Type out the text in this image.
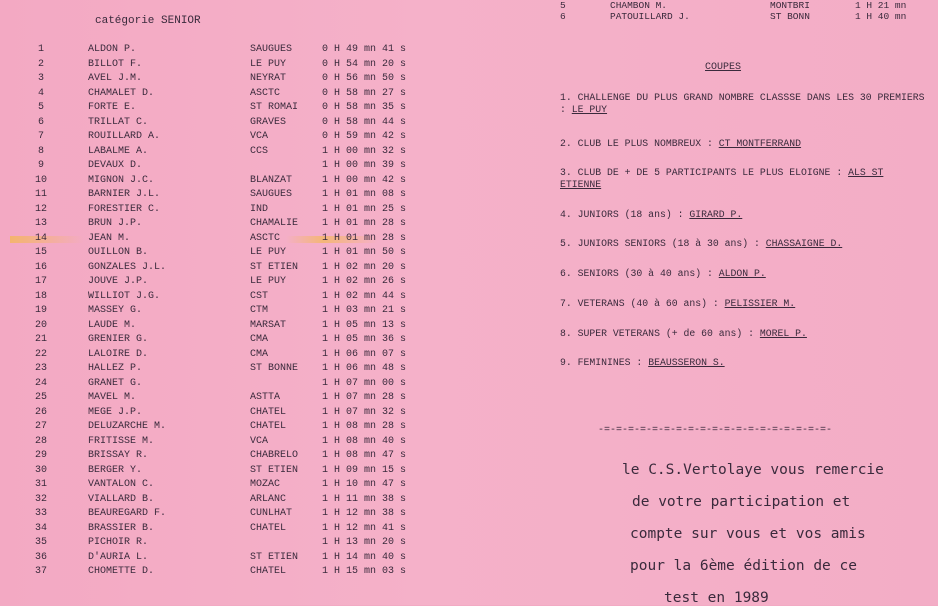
catégorie SENIOR
1	ALDON P.	SAUGUES	0 H 49 mn 41 s
2	BILLOT F.	LE PUY	0 H 54 mn 20 s
3	AVEL J.M.	NEYRAT	0 H 56 mn 50 s
4	CHAMALET D.	ASCTC	0 H 58 mn 27 s
5	FORTE E.	ST ROMAI 0 H 58 mn 35 s
6	TRILLAT C.	GRAVES	0 H 58 mn 44 s
7	ROUILLARD A.	VCA	0 H 59 mn 42 s
8	LABALME A.	CCS	1 H 00 mn 32 s
9	DEVAUX D.	1 H 00 mn 39 s
10	MIGNON J.C.	BLANZAT	1 H 00 mn 42 s
11	BARNIER J.L.	SAUGUES	1 H 01 mn 08 s
12	FORESTIER C.	IND	1 H 01 mn 25 s
13	BRUN J.P.	CHAMALIE 1 H 01 mn 28 s
14	JEAN M.	ASCTC	1 H 01 mn 28 s
15	OUILLON B.	LE PUY	1 H 01 mn 50 s
16	GONZALES J.L.	ST ETIEN 1 H 02 mn 20 s
17	JOUVE J.P.	LE PUY	1 H 02 mn 26 s
18	WILLIOT J.G.	CST	1 H 02 mn 44 s
19	MASSEY G.	CTM	1 H 03 mn 21 s
20	LAUDE M.	MARSAT	1 H 05 mn 13 s
21	GRENIER G.	CMA	1 H 05 mn 36 s
22	LALOIRE D.	CMA	1 H 06 mn 07 s
23	HALLEZ P.	ST BONNE 1 H 06 mn 48 s
24	GRANET G.	1 H 07 mn 00 s
25	MAVEL M.	ASTTA	1 H 07 mn 28 s
26	MEGE J.P.	CHATEL	1 H 07 mn 32 s
27	DELUZARCHE M.	CHATEL	1 H 08 mn 28 s
28	FRITISSE M.	VCA	1 H 08 mn 40 s
29	BRISSAY R.	CHABRELO 1 H 08 mn 47 s
30	BERGER Y.	ST ETIEN 1 H 09 mn 15 s
31	VANTALON C.	MOZAC	1 H 10 mn 47 s
32	VIALLARD B.	ARLANC	1 H 11 mn 38 s
33	BEAUREGARD F.	CUNLHAT	1 H 12 mn 38 s
34	BRASSIER B.	CHATEL	1 H 12 mn 41 s
35	PICHOIR R.	1 H 13 mn 20 s
36	D'AURIA L.	ST ETIEN 1 H 14 mn 40 s
37	CHOMETTE D.	CHATEL	1 H 15 mn 03 s
5	CHAMBON M.	MONTBRI	1 H 21 mn
6	PATOUILLARD J.	ST BONN	1 H 40 mn
COUPES
1. CHALLENGE DU PLUS GRAND NOMBRE CLASSSE DANS LES 30 PREMIERS : LE PUY
2. CLUB LE PLUS NOMBREUX : CT MONTFERRAND
3. CLUB DE + DE 5 PARTICIPANTS LE PLUS ELOIGNE : ALS ST ETIENNE
4. JUNIORS (18 ans) : GIRARD P.
5. JUNIORS SENIORS (18 à 30 ans) : CHASSAIGNE D.
6. SENIORS (30 à 40 ans) : ALDON P.
7. VETERANS (40 à 60 ans) : PELISSIER M.
8. SUPER VETERANS (+ de 60 ans) : MOREL P.
9. FEMININES : BEAUSSERON S.
-=-=-=-=-=-=-=-=-=-=-=-=-=-=-=-=-=-=-=-
le C.S.Vertolaye vous remercie
de votre participation et
compte sur vous et vos amis
pour la 6ème édition de ce
test en 1989
